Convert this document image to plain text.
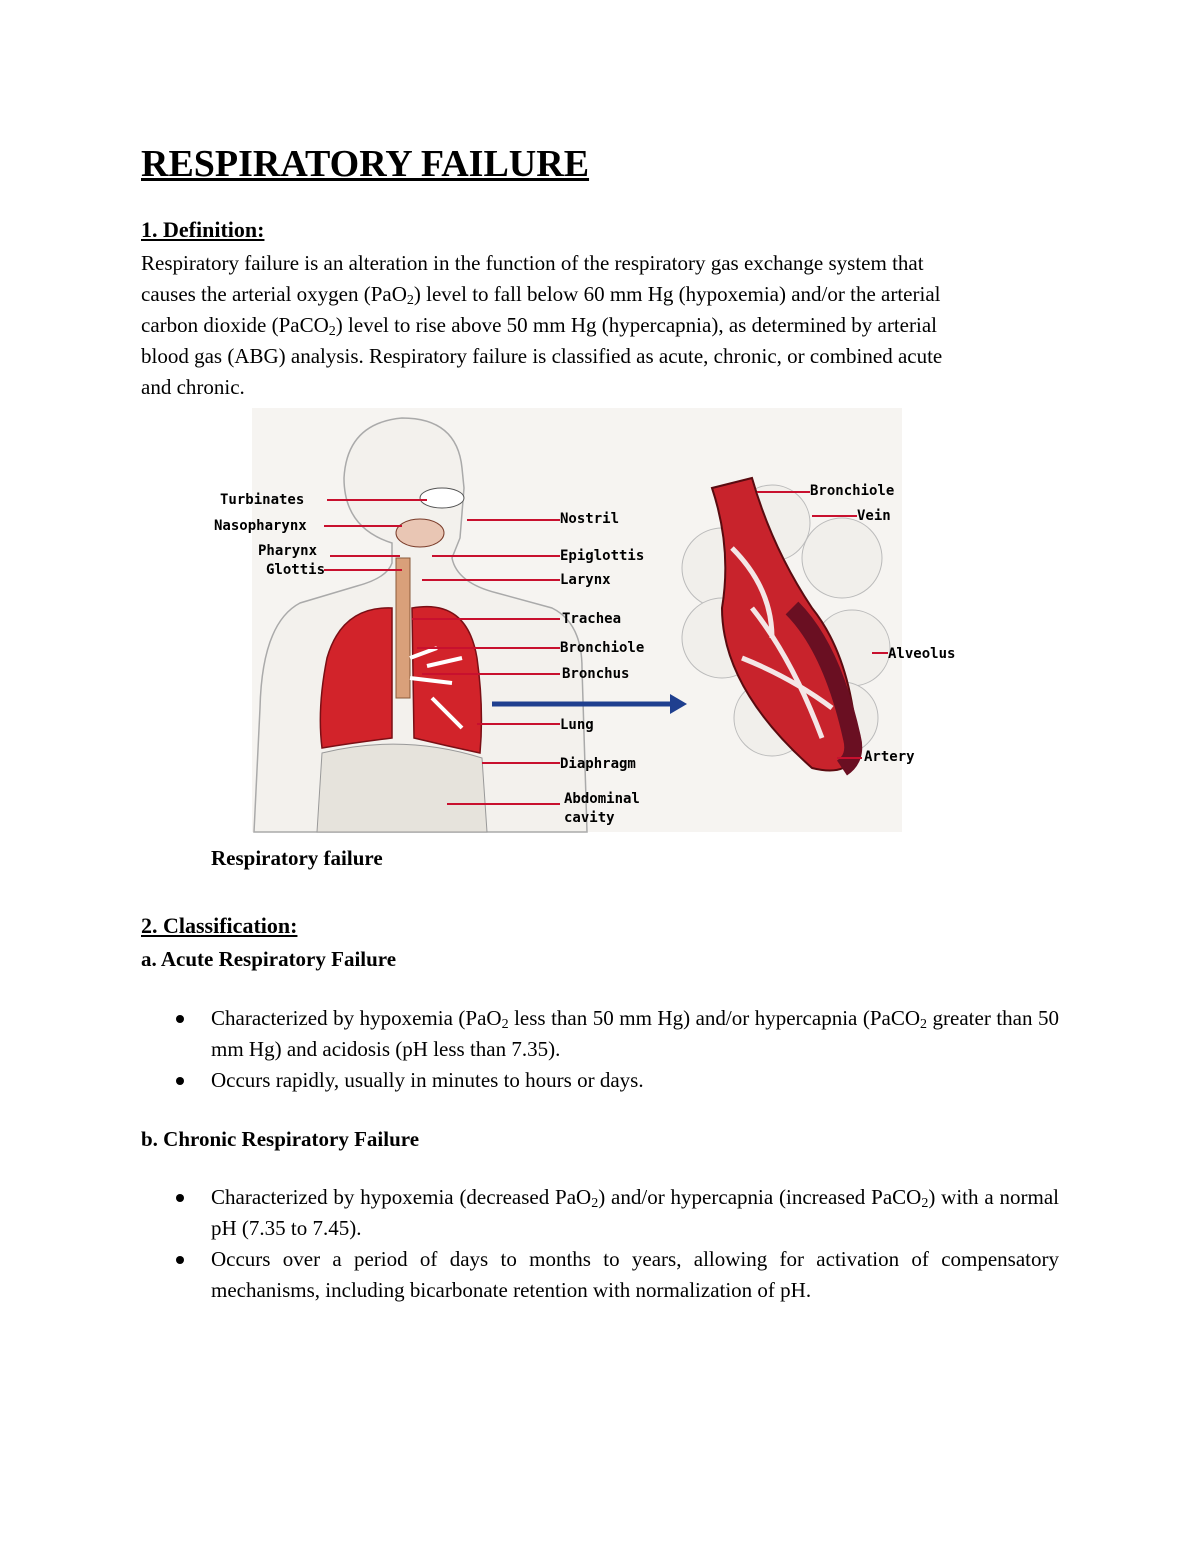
RESPIRATORY FAILURE
1. Definition:
Respiratory failure is an alteration in the function of the respiratory gas exchange system that
causes the arterial oxygen (PaO$_2$) level to fall below 60 mm Hg (hypoxemia) and/or the arterial
carbon dioxide (PaCO$_2$) level to rise above 50 mm Hg (hypercapnia), as determined by arterial
blood gas (ABG) analysis. Respiratory failure is classified as acute, chronic, or combined acute
and chronic.
Turbinates
Nasopharynx
Pharynx
Glottis
Nostril
Epiglottis
Larynx
Trachea
Bronchiole
Bronchus
Lung
Diaphragm
Abdominal
cavity
Bronchiole
Vein
Alveolus
Artery
Respiratory failure
2. Classification:
a. Acute Respiratory Failure
Characterized by hypoxemia (PaO$_2$ less than 50 mm Hg) and/or hypercapnia (PaCO$_2$ greater than 50 mm Hg) and acidosis (pH less than 7.35).
Occurs rapidly, usually in minutes to hours or days.
b. Chronic Respiratory Failure
Characterized by hypoxemia (decreased PaO$_2$) and/or hypercapnia (increased PaCO$_2$) with a normal pH (7.35 to 7.45).
Occurs over a period of days to months to years, allowing for activation of compensatory mechanisms, including bicarbonate retention with normalization of pH.
